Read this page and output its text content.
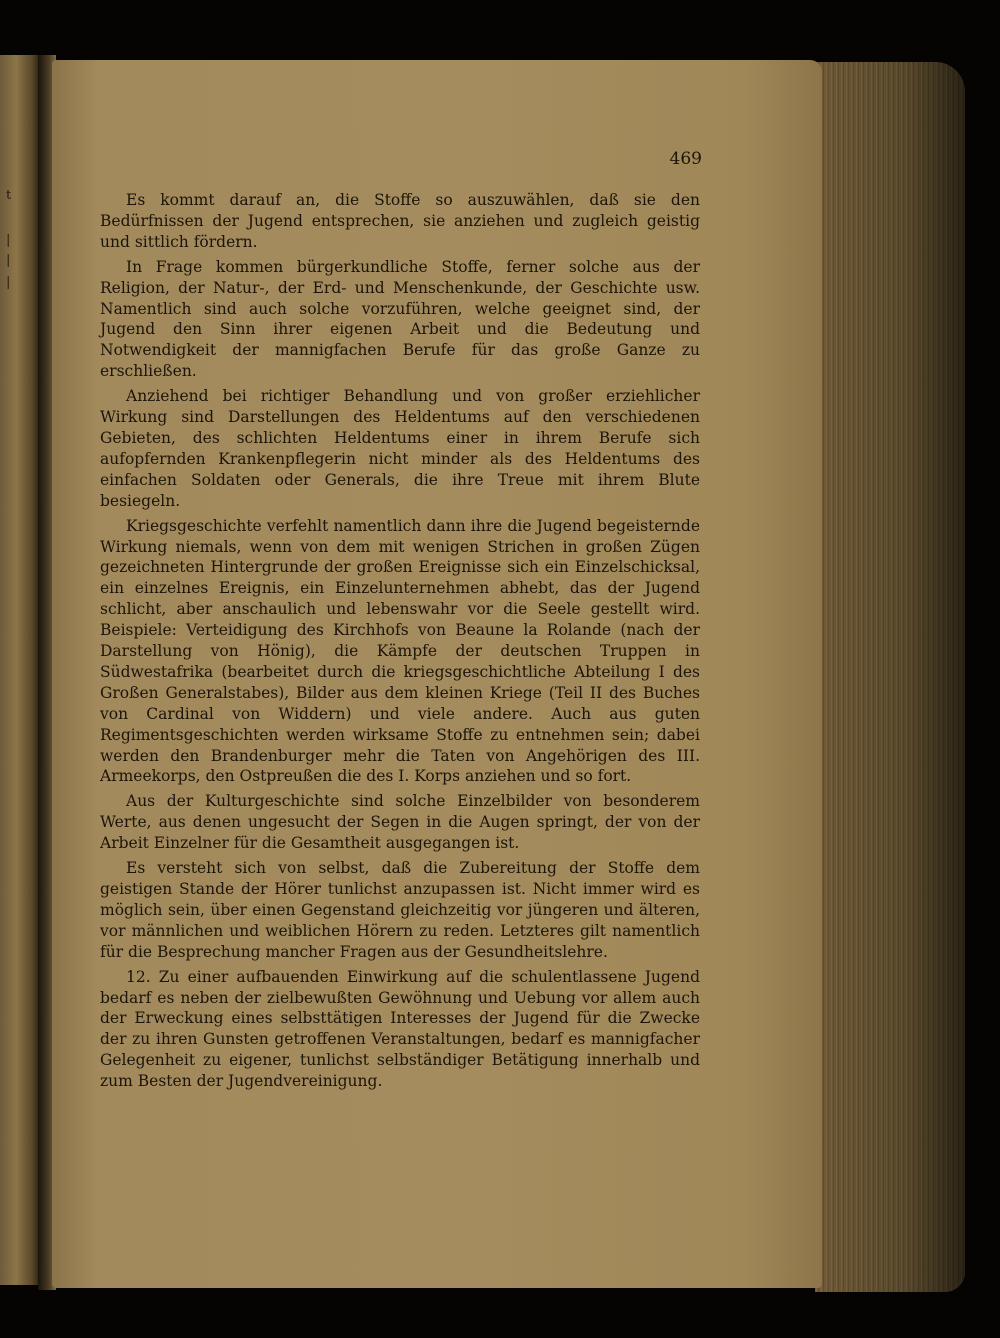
t
|
|
|
469

Es kommt darauf an, die Stoffe so auszuwählen, daß sie den Bedürfnissen der Jugend entsprechen, sie anziehen und zugleich geistig und sittlich fördern.

In Frage kommen bürgerkundliche Stoffe, ferner solche aus der Religion, der Natur-, der Erd- und Menschenkunde, der Geschichte usw. Namentlich sind auch solche vorzuführen, welche geeignet sind, der Jugend den Sinn ihrer eigenen Arbeit und die Bedeutung und Notwendigkeit der mannigfachen Berufe für das große Ganze zu erschließen.

Anziehend bei richtiger Behandlung und von großer erziehlicher Wirkung sind Darstellungen des Heldentums auf den verschiedenen Gebieten, des schlichten Heldentums einer in ihrem Berufe sich aufopfernden Krankenpflegerin nicht minder als des Heldentums des einfachen Soldaten oder Generals, die ihre Treue mit ihrem Blute besiegeln.

Kriegsgeschichte verfehlt namentlich dann ihre die Jugend begeisternde Wirkung niemals, wenn von dem mit wenigen Strichen in großen Zügen gezeichneten Hintergrunde der großen Ereignisse sich ein Einzelschicksal, ein einzelnes Ereignis, ein Einzelunternehmen abhebt, das der Jugend schlicht, aber anschaulich und lebenswahr vor die Seele gestellt wird. Beispiele: Verteidigung des Kirchhofs von Beaune la Rolande (nach der Darstellung von Hönig), die Kämpfe der deutschen Truppen in Südwestafrika (bearbeitet durch die kriegsgeschichtliche Abteilung I des Großen Generalstabes), Bilder aus dem kleinen Kriege (Teil II des Buches von Cardinal von Widdern) und viele andere. Auch aus guten Regimentsgeschichten werden wirksame Stoffe zu entnehmen sein; dabei werden den Brandenburger mehr die Taten von Angehörigen des III. Armeekorps, den Ostpreußen die des I. Korps anziehen und so fort.

Aus der Kulturgeschichte sind solche Einzelbilder von besonderem Werte, aus denen ungesucht der Segen in die Augen springt, der von der Arbeit Einzelner für die Gesamtheit ausgegangen ist.

Es versteht sich von selbst, daß die Zubereitung der Stoffe dem geistigen Stande der Hörer tunlichst anzupassen ist. Nicht immer wird es möglich sein, über einen Gegenstand gleichzeitig vor jüngeren und älteren, vor männlichen und weiblichen Hörern zu reden. Letzteres gilt namentlich für die Besprechung mancher Fragen aus der Gesundheitslehre.

12. Zu einer aufbauenden Einwirkung auf die schulentlassene Jugend bedarf es neben der zielbewußten Gewöhnung und Uebung vor allem auch der Erweckung eines selbsttätigen Interesses der Jugend für die Zwecke der zu ihren Gunsten getroffenen Veranstaltungen, bedarf es mannigfacher Gelegenheit zu eigener, tunlichst selbständiger Betätigung innerhalb und zum Besten der Jugendvereinigung.
